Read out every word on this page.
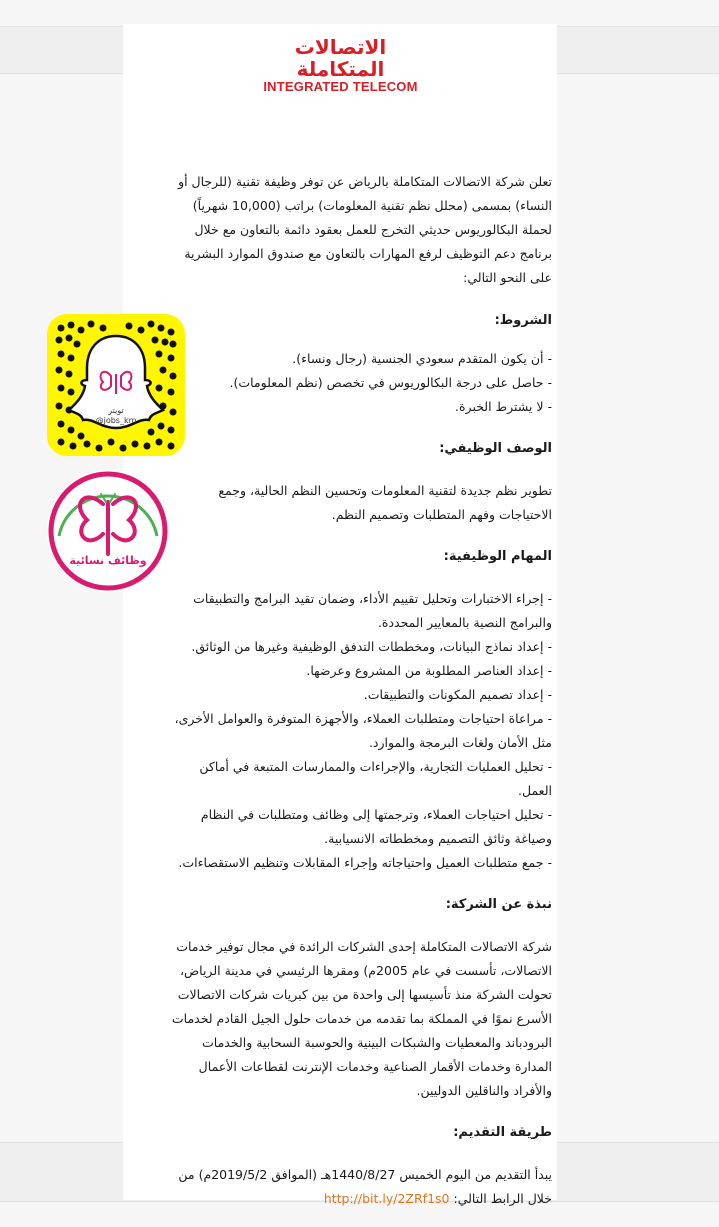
الاتصالات المتكاملة
INTEGRATED TELECOM
تويتر
@jobs_km
وظائف نسائية

تعلن شركة الاتصالات المتكاملة بالرياض عن توفر وظيفة تقنية (للرجال أو

النساء) بمسمى (محلل نظم تقنية المعلومات) براتب (10,000 شهرياً)

لحملة البكالوريوس حديثي التخرج للعمل بعقود دائمة بالتعاون مع خلال

برنامج دعم التوظيف لرفع المهارات بالتعاون مع صندوق الموارد البشرية

على النحو التالي:

الشروط:

- أن يكون المتقدم سعودي الجنسية (رجال ونساء).

- حاصل على درجة البكالوريوس في تخصص (نظم المعلومات).

- لا يشترط الخبرة.

الوصف الوظيفي:

تطوير نظم جديدة لتقنية المعلومات وتحسين النظم الحالية، وجمع

الاحتياجات وفهم المتطلبات وتصميم النظم.

المهام الوظيفية:

- إجراء الاختبارات وتحليل تقييم الأداء، وضمان تقيد البرامج والتطبيقات

والبرامج النصية بالمعايير المحددة.

- إعداد نماذج البيانات، ومخططات التدفق الوظيفية وغيرها من الوثائق.

- إعداد العناصر المطلوبة من المشروع وعرضها.

- إعداد تصميم المكونات والتطبيقات.

- مراعاة احتياجات ومتطلبات العملاء، والأجهزة المتوفرة والعوامل الأخرى،

مثل الأمان ولغات البرمجة والموارد.

- تحليل العمليات التجارية، والإجراءات والممارسات المتبعة في أماكن

العمل.

- تحليل احتياجات العملاء، وترجمتها إلى وظائف ومتطلبات في النظام

وصياغة وثائق التصميم ومخططاته الانسيابية.

- جمع متطلبات العميل واحتياجاته وإجراء المقابلات وتنظيم الاستقصاءات.

نبذة عن الشركة:

شركة الاتصالات المتكاملة إحدى الشركات الرائدة في مجال توفير خدمات

الاتصالات، تأسست في عام 2005م) ومقرها الرئيسي في مدينة الرياض،

تحولت الشركة منذ تأسيسها إلى واحدة من بين كبريات شركات الاتصالات

الأسرع نموًا في المملكة بما تقدمه من خدمات حلول الجيل القادم لخدمات

البرودباند والمعطيات والشبكات البينية والحوسبة السحابية والخدمات

المدارة وخدمات الأقمار الصناعية وخدمات الإنترنت لقطاعات الأعمال

والأفراد والناقلين الدوليين.

طريقة التقديم:

يبدأ التقديم من اليوم الخميس 1440/8/27هـ (الموافق 2019/5/2م) من

خلال الرابط التالي: http://bit.ly/2ZRf1s0
